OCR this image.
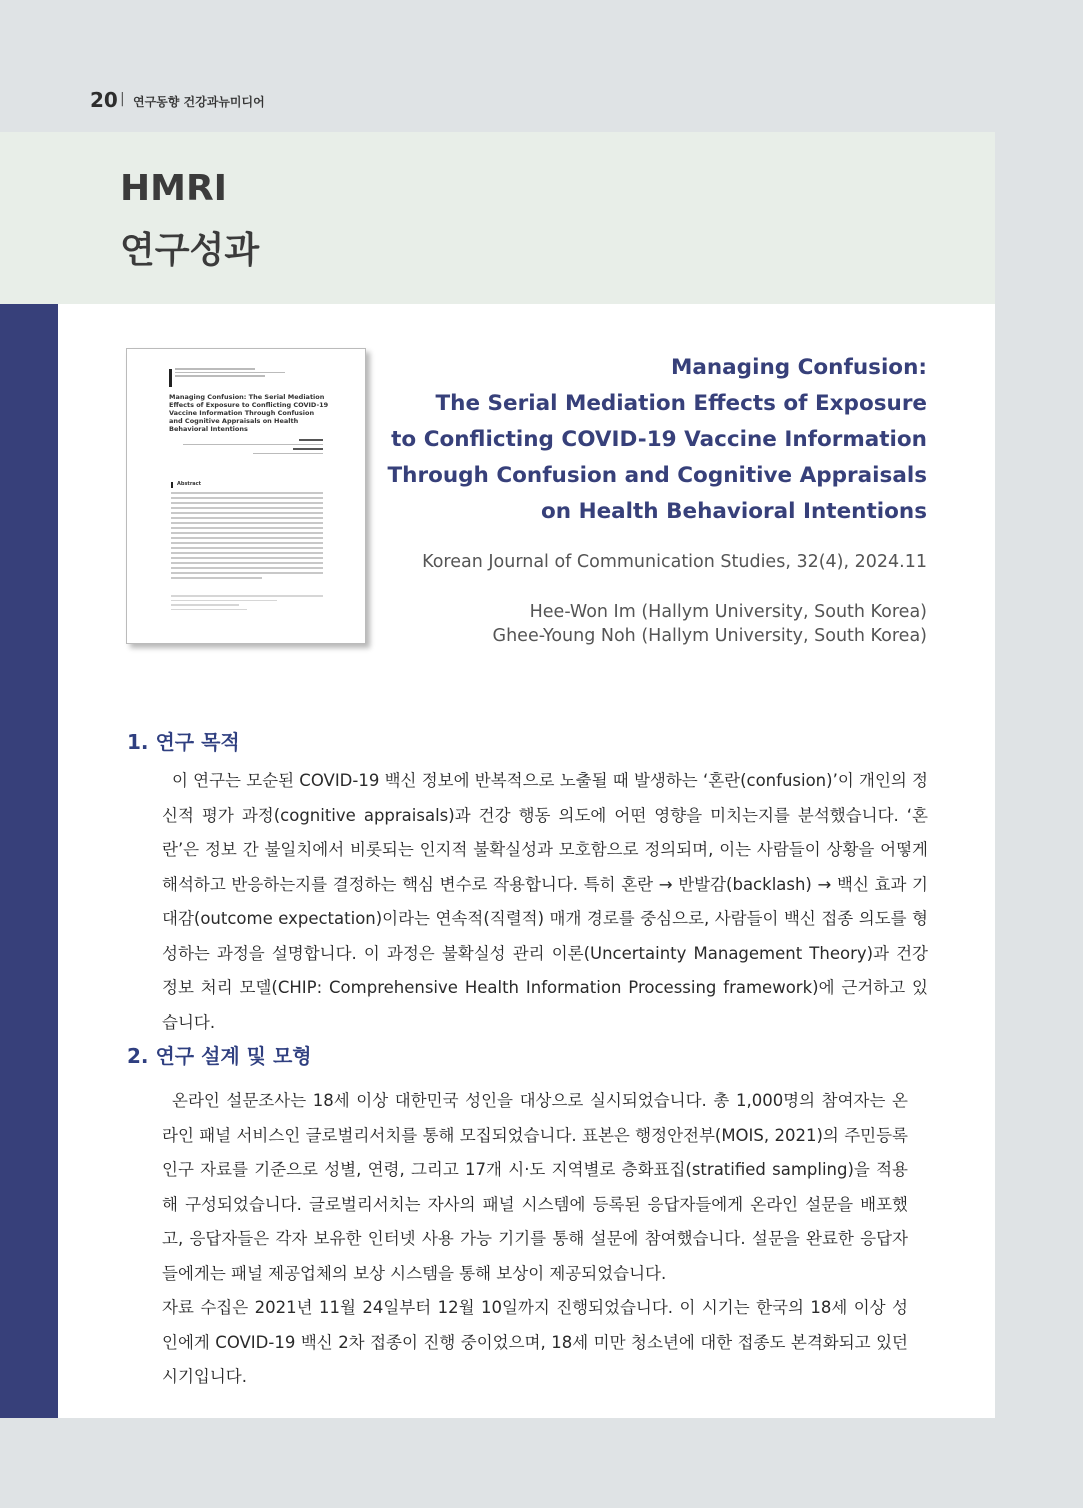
20 | 연구동향 건강과뉴미디어
HMRI
연구성과
Managing Confusion: The Serial Mediation Effects of Exposure to Conflicting COVID-19 Vaccine Information Through Confusion and Cognitive Appraisals on Health Behavioral Intentions
Abstract
Managing Confusion:
The Serial Mediation Effects of Exposure
to Conflicting COVID-19 Vaccine Information
Through Confusion and Cognitive Appraisals
on Health Behavioral Intentions
Korean Journal of Communication Studies, 32(4), 2024.11
Hee-Won Im (Hallym University, South Korea)
Ghee-Young Noh (Hallym University, South Korea)
1. 연구 목적
이 연구는 모순된 COVID-19 백신 정보에 반복적으로 노출될 때 발생하는 ‘혼란(confusion)’이 개인의 정신적 평가 과정(cognitive appraisals)과 건강 행동 의도에 어떤 영향을 미치는지를 분석했습니다. ‘혼란’은 정보 간 불일치에서 비롯되는 인지적 불확실성과 모호함으로 정의되며, 이는 사람들이 상황을 어떻게 해석하고 반응하는지를 결정하는 핵심 변수로 작용합니다. 특히 혼란 → 반발감(backlash) → 백신 효과 기대감(outcome expectation)이라는 연속적(직렬적) 매개 경로를 중심으로, 사람들이 백신 접종 의도를 형성하는 과정을 설명합니다. 이 과정은 불확실성 관리 이론(Uncertainty Management Theory)과 건강 정보 처리 모델(CHIP: Comprehensive Health Information Processing framework)에 근거하고 있습니다.
2. 연구 설계 및 모형
온라인 설문조사는 18세 이상 대한민국 성인을 대상으로 실시되었습니다. 총 1,000명의 참여자는 온라인 패널 서비스인 글로벌리서치를 통해 모집되었습니다. 표본은 행정안전부(MOIS, 2021)의 주민등록 인구 자료를 기준으로 성별, 연령, 그리고 17개 시·도 지역별로 층화표집(stratified sampling)을 적용해 구성되었습니다. 글로벌리서치는 자사의 패널 시스템에 등록된 응답자들에게 온라인 설문을 배포했고, 응답자들은 각자 보유한 인터넷 사용 가능 기기를 통해 설문에 참여했습니다. 설문을 완료한 응답자들에게는 패널 제공업체의 보상 시스템을 통해 보상이 제공되었습니다.
자료 수집은 2021년 11월 24일부터 12월 10일까지 진행되었습니다. 이 시기는 한국의 18세 이상 성인에게 COVID-19 백신 2차 접종이 진행 중이었으며, 18세 미만 청소년에 대한 접종도 본격화되고 있던 시기입니다.
